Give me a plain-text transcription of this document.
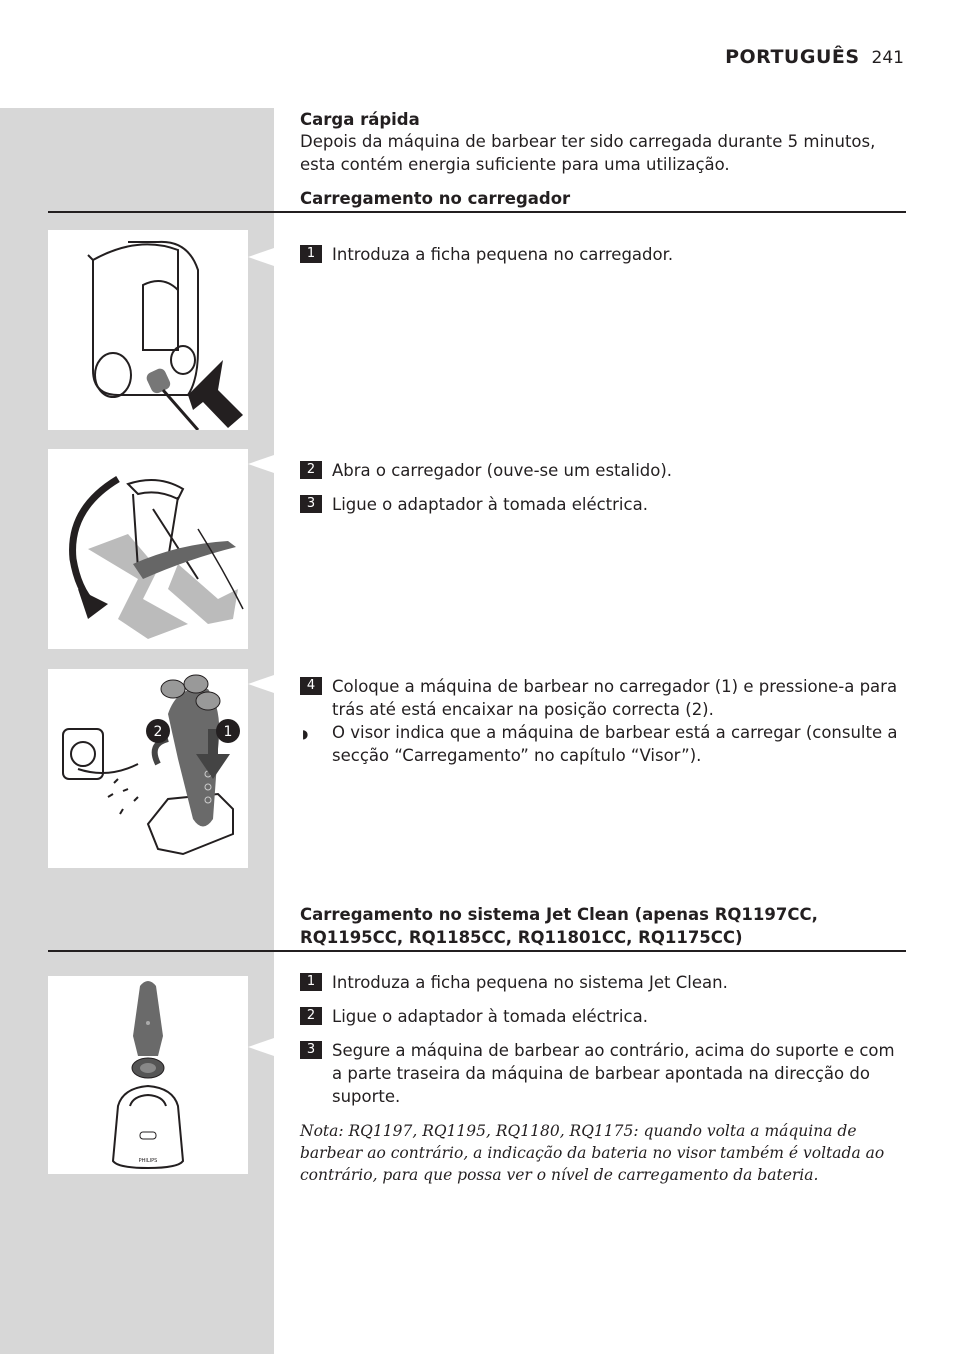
PORTUGUÊS 241
Carga rápida
Depois da máquina de barbear ter sido carregada durante 5 minutos, esta contém energia suficiente para uma utilização.
Carregamento no carregador
1	Introduza a ficha pequena no carregador.
2	Abra o carregador (ouve-se um estalido).
3	Ligue o adaptador à tomada eléctrica.
2	1
4	Coloque a máquina de barbear no carregador (1) e pressione-a para trás até está encaixar na posição correcta (2).
◗ O visor indica que a máquina de barbear está a carregar (consulte a secção “Carregamento” no capítulo “Visor”).
Carregamento no sistema Jet Clean (apenas RQ1197CC,
RQ1195CC, RQ1185CC, RQ11801CC, RQ1175CC)
PHILIPS
1	Introduza a ficha pequena no sistema Jet Clean.
2	Ligue o adaptador à tomada eléctrica.
3	Segure a máquina de barbear ao contrário, acima do suporte e com a parte traseira da máquina de barbear apontada na direcção do suporte.
Nota: RQ1197, RQ1195, RQ1180, RQ1175: quando volta a máquina de barbear ao contrário, a indicação da bateria no visor também é voltada ao contrário, para que possa ver o nível de carregamento da bateria.
